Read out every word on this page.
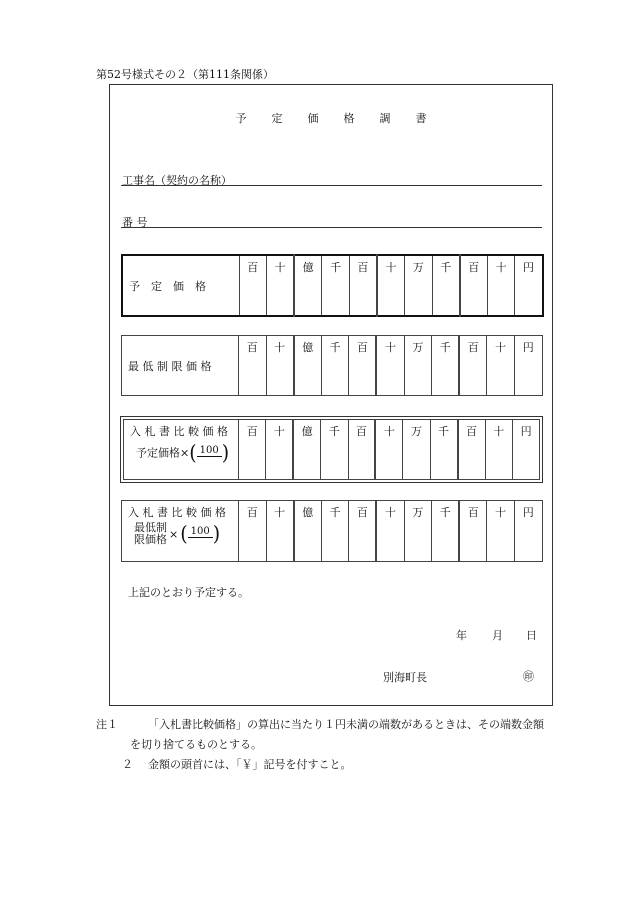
第52号様式その２（第111条関係）
予定価格調書
工事名（契約の名称）
番 号
予　定　価　格	百	十	億	千	百	十	万	千	百	十	円
最 低 制 限 価 格	百	十	億	千	百	十	万	千	百	十	円
入 札 書 比 較 価 格
予定価格×( 100 )
	百	十	億	千	百	十	万	千	百	十	円
入 札 書 比 較 価 格
最低制
限価格 × ( 100 )
	百	十	億	千	百	十	万	千	百	十	円
上記のとおり予定する。
年 月 日
別海町長	㊞
注１	「入札書比較価格」の算出に当たり１円未満の端数があるときは、その端数金額
を切り捨てるものとする。
２ 金額の頭首には、「￥」記号を付すこと。
